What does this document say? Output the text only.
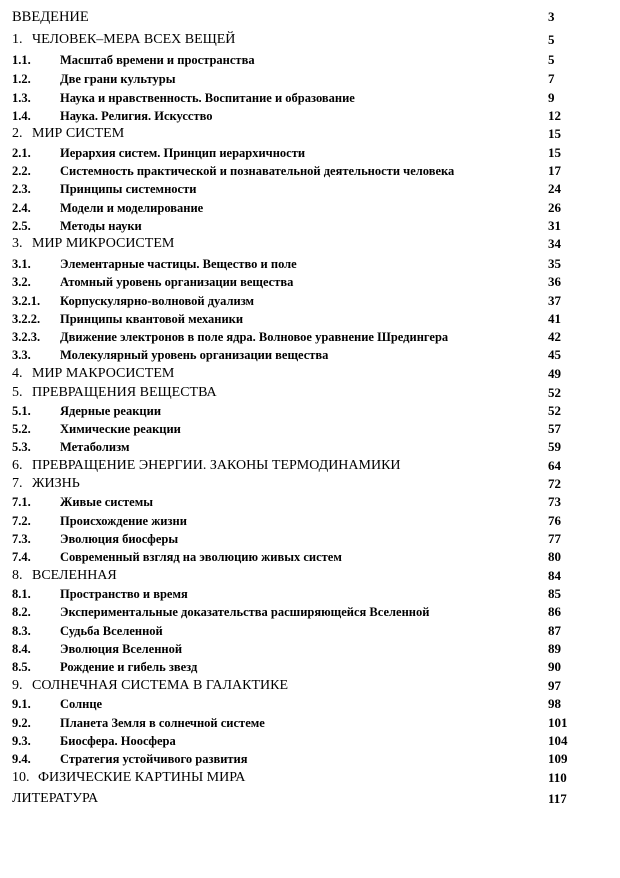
ВВЕДЕНИЕ	3
1. ЧЕЛОВЕК–МЕРА ВСЕХ ВЕЩЕЙ	5
1.1. Масштаб времени и пространства	5
1.2. Две грани культуры	7
1.3. Наука и нравственность. Воспитание и образование	9
1.4. Наука. Религия. Искусство	12
2. МИР СИСТЕМ	15
2.1. Иерархия систем. Принцип иерархичности	15
2.2. Системность практической и познавательной деятельности человека	17
2.3. Принципы системности	24
2.4. Модели и моделирование	26
2.5. Методы науки	31
3. МИР МИКРОСИСТЕМ	34
3.1. Элементарные частицы. Вещество и поле	35
3.2. Атомный уровень организации вещества	36
3.2.1. Корпускулярно-волновой дуализм	37
3.2.2. Принципы квантовой механики	41
3.2.3. Движение электронов в поле ядра. Волновое уравнение Шредингера	42
3.3. Молекулярный уровень организации вещества	45
4. МИР МАКРОСИСТЕМ	49
5. ПРЕВРАЩЕНИЯ ВЕЩЕСТВА	52
5.1. Ядерные реакции	52
5.2. Химические реакции	57
5.3. Метаболизм	59
6. ПРЕВРАЩЕНИЕ ЭНЕРГИИ. ЗАКОНЫ ТЕРМОДИНАМИКИ	64
7. ЖИЗНЬ	72
7.1. Живые системы	73
7.2. Происхождение жизни	76
7.3. Эволюция биосферы	77
7.4. Современный взгляд на эволюцию живых систем	80
8. ВСЕЛЕННАЯ	84
8.1. Пространство и время	85
8.2. Экспериментальные доказательства расширяющейся Вселенной	86
8.3. Судьба Вселенной	87
8.4. Эволюция Вселенной	89
8.5. Рождение и гибель звезд	90
9. СОЛНЕЧНАЯ СИСТЕМА В ГАЛАКТИКЕ	97
9.1. Солнце	98
9.2. Планета Земля в солнечной системе	101
9.3. Биосфера. Ноосфера	104
9.4. Стратегия устойчивого развития	109
10. ФИЗИЧЕСКИЕ КАРТИНЫ МИРА	110
ЛИТЕРАТУРА	117
